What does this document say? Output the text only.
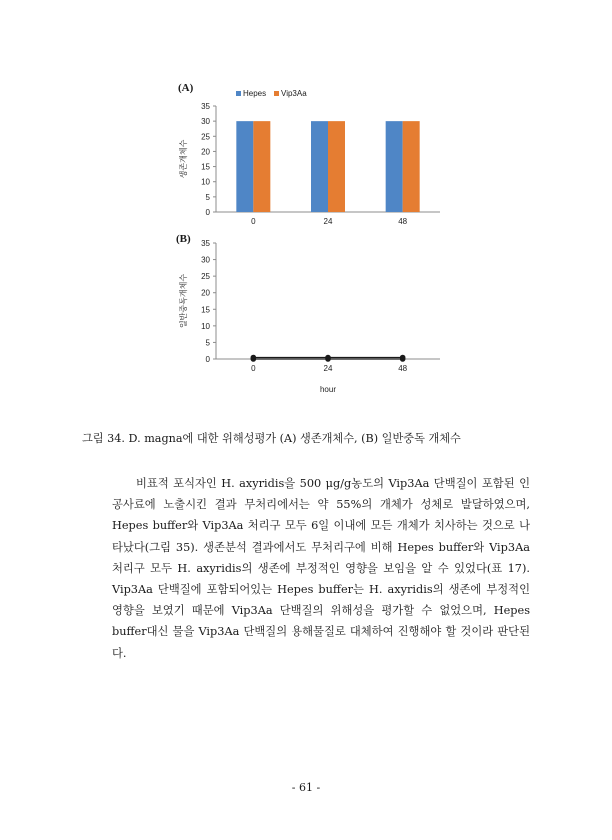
(A)
(B)
0
5
10
15
20
25
30
35
생존개체수
0	24	48
Hepes Vip3Aa
0
5
10
15
20
25
30
35
일반중독개체수
0	24	48
hour
그림 34. D. magna에 대한 위해성평가 (A) 생존개체수, (B) 일반중독 개체수

비표적 포식자인 H. axyridis을 500 μg/g농도의 Vip3Aa 단백질이 포함된 인공사료에 노출시킨 결과 무처리에서는 약 55%의 개체가 성체로 발달하였으며, Hepes buffer와 Vip3Aa 처리구 모두 6일 이내에 모든 개체가 치사하는 것으로 나타났다(그림 35). 생존분석 결과에서도 무처리구에 비해 Hepes buffer와 Vip3Aa 처리구 모두 H. axyridis의 생존에 부정적인 영향을 보임을 알 수 있었다(표 17). Vip3Aa 단백질에 포함되어있는 Hepes buffer는 H. axyridis의 생존에 부정적인 영향을 보였기 때문에 Vip3Aa 단백질의 위해성을 평가할 수 없었으며, Hepes buffer대신 물을 Vip3Aa 단백질의 용해물질로 대체하여 진행해야 할 것이라 판단된다.

- 61 -
